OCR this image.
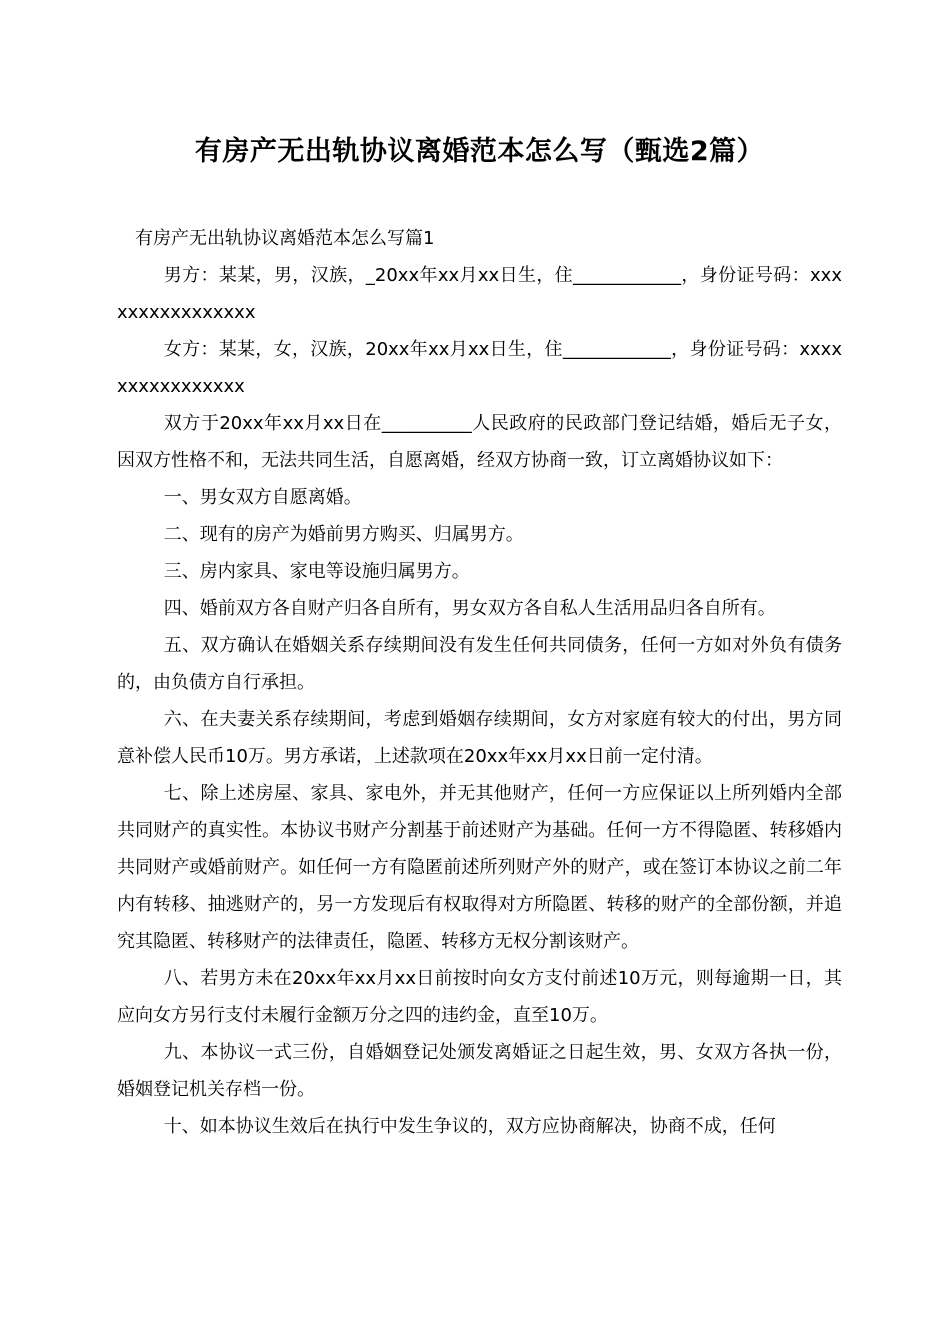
有房产无出轨协议离婚范本怎么写（甄选2篇）
有房产无出轨协议离婚范本怎么写篇1

男方：某某，男，汉族，_20xx年xx月xx日生，住____________，身份证号码：xxxxxxxxxxxxxxxx

女方：某某，女，汉族，20xx年xx月xx日生，住____________，身份证号码：xxxxxxxxxxxxxxxx

双方于20xx年xx月xx日在__________人民政府的民政部门登记结婚，婚后无子女，因双方性格不和，无法共同生活，自愿离婚，经双方协商一致，订立离婚协议如下：

一、男女双方自愿离婚。

二、现有的房产为婚前男方购买、归属男方。

三、房内家具、家电等设施归属男方。

四、婚前双方各自财产归各自所有，男女双方各自私人生活用品归各自所有。

五、双方确认在婚姻关系存续期间没有发生任何共同债务，任何一方如对外负有债务的，由负债方自行承担。

六、在夫妻关系存续期间，考虑到婚姻存续期间，女方对家庭有较大的付出，男方同意补偿人民币10万。男方承诺，上述款项在20xx年xx月xx日前一定付清。

七、除上述房屋、家具、家电外，并无其他财产，任何一方应保证以上所列婚内全部共同财产的真实性。本协议书财产分割基于前述财产为基础。任何一方不得隐匿、转移婚内共同财产或婚前财产。如任何一方有隐匿前述所列财产外的财产，或在签订本协议之前二年内有转移、抽逃财产的，另一方发现后有权取得对方所隐匿、转移的财产的全部份额，并追究其隐匿、转移财产的法律责任，隐匿、转移方无权分割该财产。

八、若男方未在20xx年xx月xx日前按时向女方支付前述10万元，则每逾期一日，其应向女方另行支付未履行金额万分之四的违约金，直至10万。

九、本协议一式三份，自婚姻登记处颁发离婚证之日起生效，男、女双方各执一份，婚姻登记机关存档一份。

十、如本协议生效后在执行中发生争议的，双方应协商解决，协商不成，任何
